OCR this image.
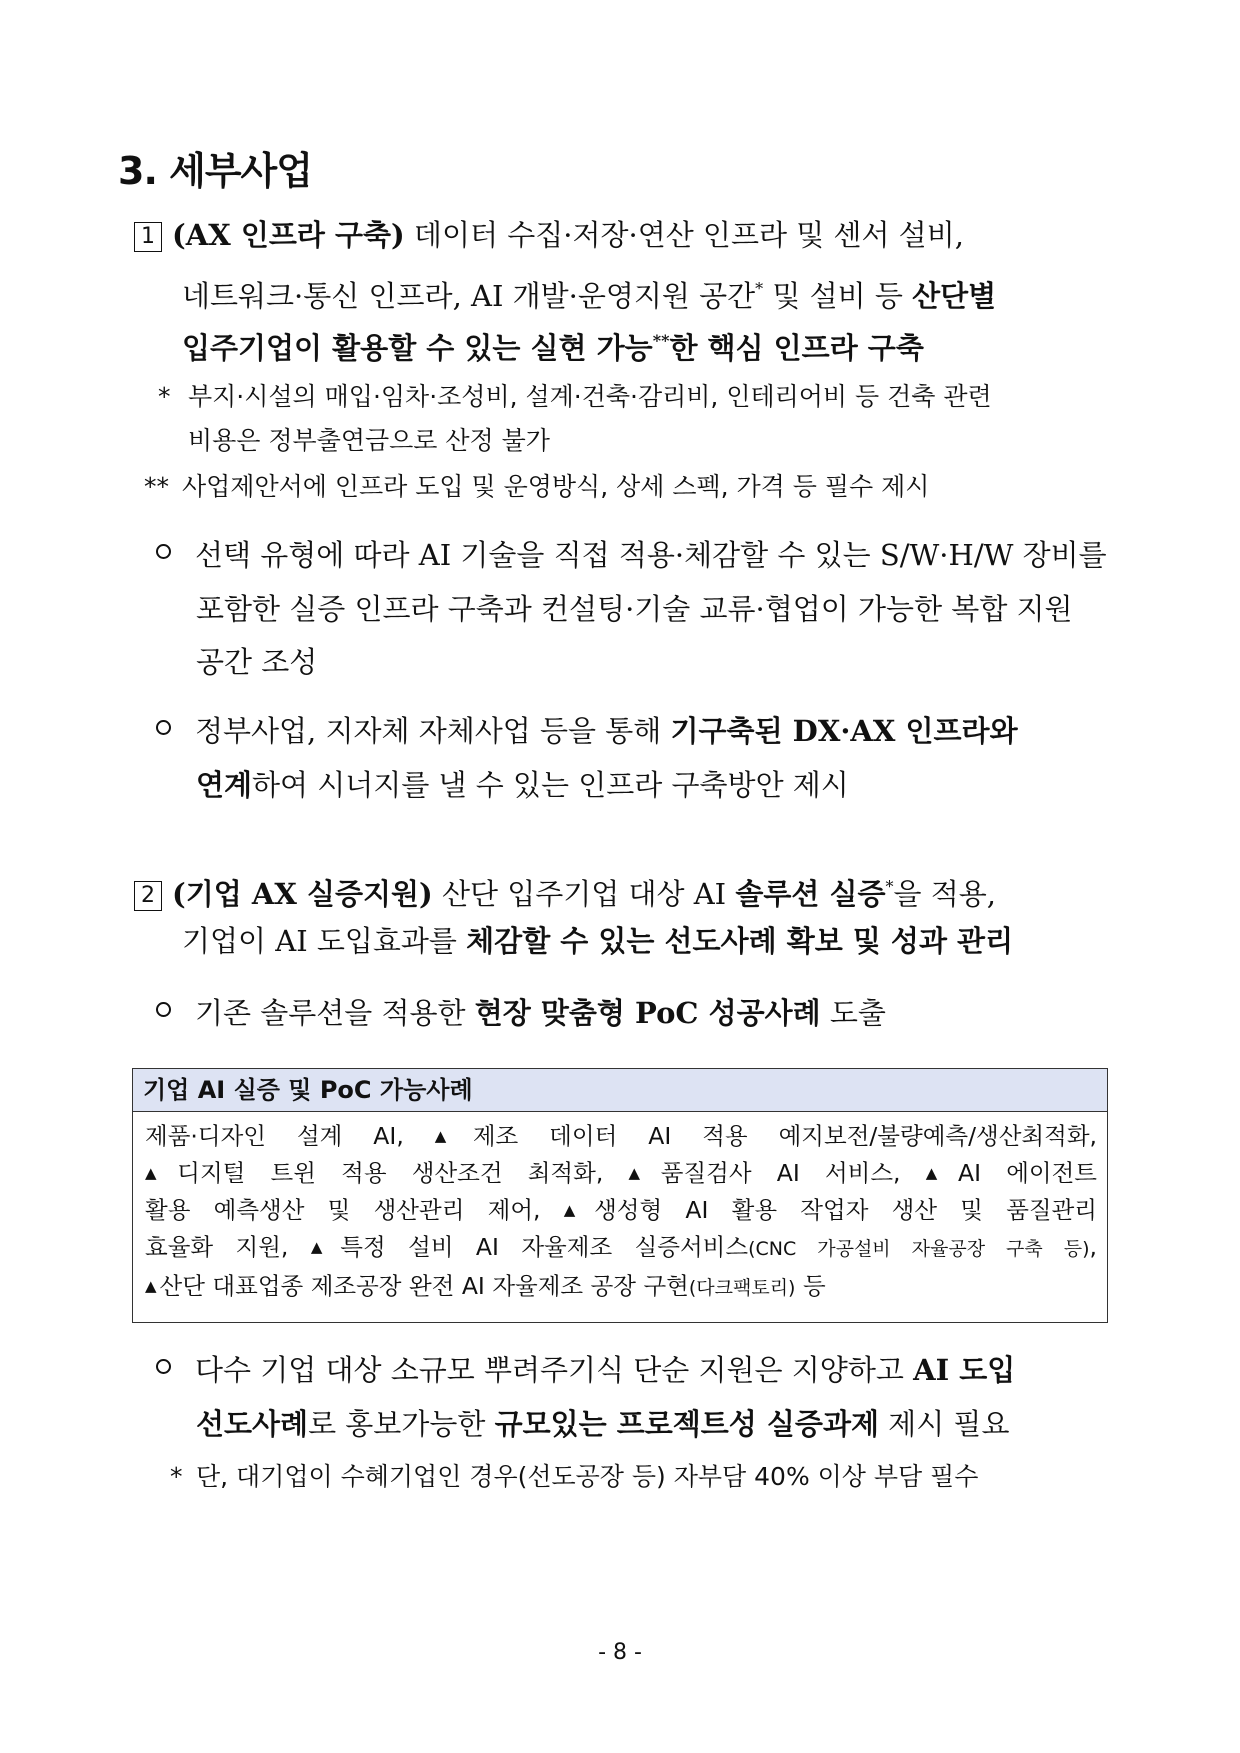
3. 세부사업
1 (AX 인프라 구축) 데이터 수집·저장·연산 인프라 및 센서 설비,
네트워크·통신 인프라, AI 개발·운영지원 공간* 및 설비 등 산단별
입주기업이 활용할 수 있는 실현 가능**한 핵심 인프라 구축
* 부지·시설의 매입·임차·조성비, 설계·건축·감리비, 인테리어비 등 건축 관련
비용은 정부출연금으로 산정 불가
** 사업제안서에 인프라 도입 및 운영방식, 상세 스펙, 가격 등 필수 제시
선택 유형에 따라 AI 기술을 직접 적용·체감할 수 있는 S/W·H/W 장비를
포함한 실증 인프라 구축과 컨설팅·기술 교류·협업이 가능한 복합 지원
공간 조성
정부사업, 지자체 자체사업 등을 통해 기구축된 DX·AX 인프라와
연계하여 시너지를 낼 수 있는 인프라 구축방안 제시
2 (기업 AX 실증지원) 산단 입주기업 대상 AI 솔루션 실증*을 적용,
기업이 AI 도입효과를 체감할 수 있는 선도사례 확보 및 성과 관리
기존 솔루션을 적용한 현장 맞춤형 PoC 성공사례 도출
기업 AI 실증 및 PoC 가능사례
제품·디자인 설계 AI, ▲ 제조 데이터 AI 적용 예지보전/불량예측/생산최적화,
▲ 디지털 트윈 적용 생산조건 최적화, ▲ 품질검사 AI 서비스, ▲ AI 에이전트
활용 예측생산 및 생산관리 제어, ▲ 생성형 AI 활용 작업자 생산 및 품질관리
효율화 지원, ▲ 특정 설비 AI 자율제조 실증서비스(CNC 가공설비 자율공장 구축 등),
▲ 산단 대표업종 제조공장 완전 AI 자율제조 공장 구현(다크팩토리) 등
다수 기업 대상 소규모 뿌려주기식 단순 지원은 지양하고 AI 도입
선도사례로 홍보가능한 규모있는 프로젝트성 실증과제 제시 필요
* 단, 대기업이 수혜기업인 경우(선도공장 등) 자부담 40% 이상 부담 필수
- 8 -
